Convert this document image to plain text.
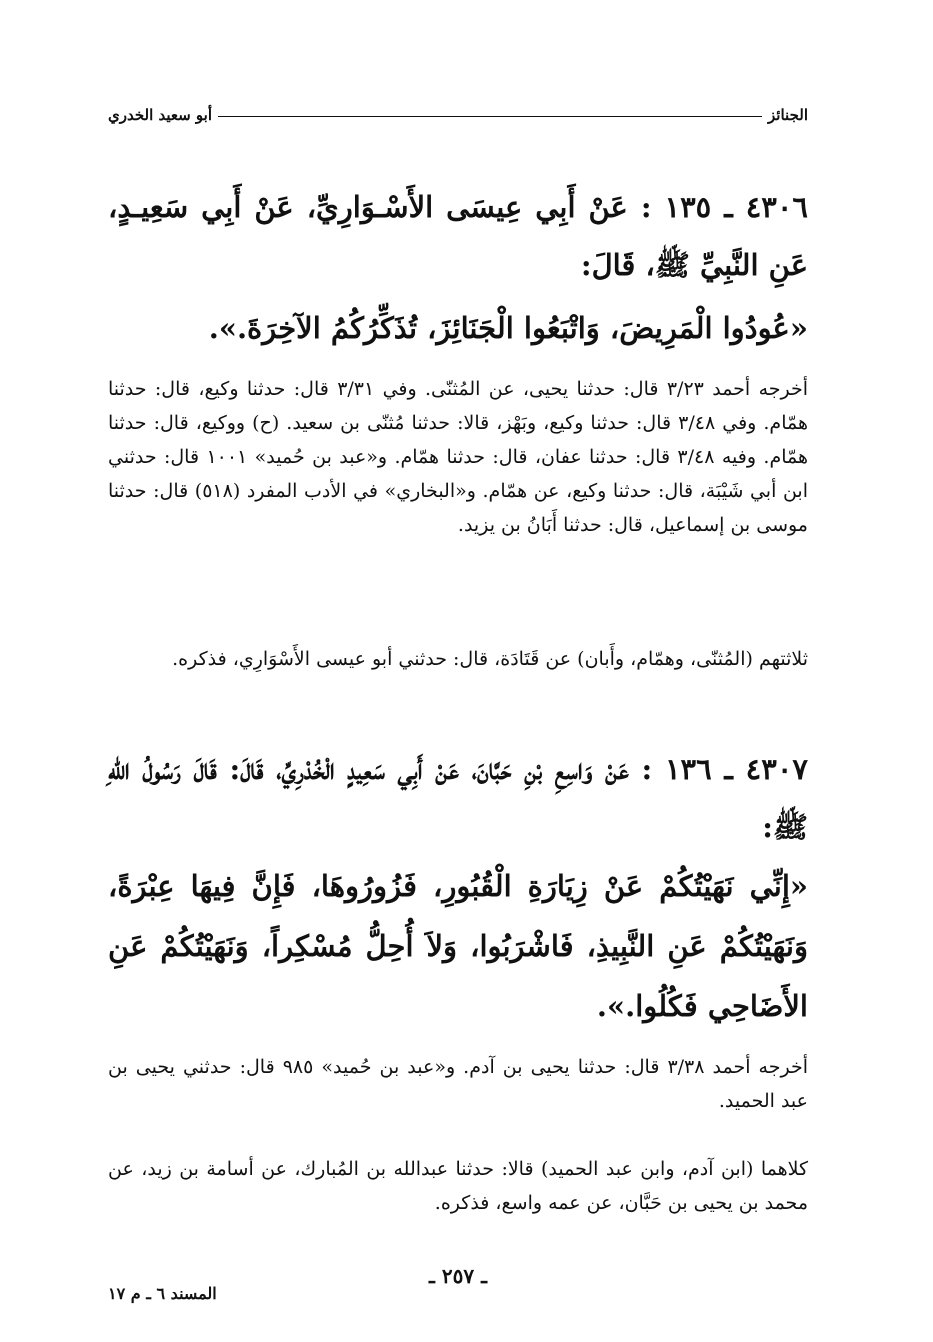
الجنائز
أبو سعيد الخدري
٤٣٠٦ ـ ١٣٥ : عَنْ أَبِي عِيسَى الأَسْـوَارِيِّ، عَنْ أَبِي سَعِيـدٍ، عَنِ النَّبِيِّ ﷺ، قَالَ:
«عُودُوا الْمَرِيضَ، وَاتْبَعُوا الْجَنَائِزَ، تُذَكِّرُكُمُ الآخِرَةَ.».
أخرجه أحمد ٣/٢٣ قال: حدثنا يحيى، عن المُثنّى. وفي ٣/٣١ قال: حدثنا وكيع، قال: حدثنا همّام. وفي ٣/٤٨ قال: حدثنا وكيع، وبَهْز، قالا: حدثنا مُثنّى بن سعيد. (ح) ووكيع، قال: حدثنا همّام. وفيه ٣/٤٨ قال: حدثنا عفان، قال: حدثنا همّام. و«عبد بن حُميد» ١٠٠١ قال: حدثني ابن أبي شَيْبَة، قال: حدثنا وكيع، عن همّام. و«البخاري» في الأدب المفرد (٥١٨) قال: حدثنا موسى بن إسماعيل، قال: حدثنا أَبَانُ بن يزيد.
ثلاثتهم (المُثنّى، وهمّام، وأَبان) عن قَتَادَة، قال: حدثني أبو عيسى الأَسْوَارِي، فذكره.
٤٣٠٧ ـ ١٣٦ : عَنْ وَاسِعِ بْنِ حَبَّانَ، عَنْ أَبِي سَعِيدٍ الْخُدْرِيِّ، قَالَ: قَالَ رَسُولُ اللهِ ﷺ:
«إِنِّي نَهَيْتُكُمْ عَنْ زِيَارَةِ الْقُبُورِ، فَزُورُوهَا، فَإِنَّ فِيهَا عِبْرَةً، وَنَهَيْتُكُمْ عَنِ النَّبِيذِ، فَاشْرَبُوا، وَلاَ أُحِلُّ مُسْكِراً، وَنَهَيْتُكُمْ عَنِ الأَضَاحِي فَكُلُوا.».
أخرجه أحمد ٣/٣٨ قال: حدثنا يحيى بن آدم. و«عبد بن حُميد» ٩٨٥ قال: حدثني يحيى بن عبد الحميد.
كلاهما (ابن آدم، وابن عبد الحميد) قالا: حدثنا عبدالله بن المُبارك، عن أسامة بن زيد، عن محمد بن يحيى بن حَبَّان، عن عمه واسع، فذكره.
ـ ٢٥٧ ـ
المسند ٦ ـ م ١٧
